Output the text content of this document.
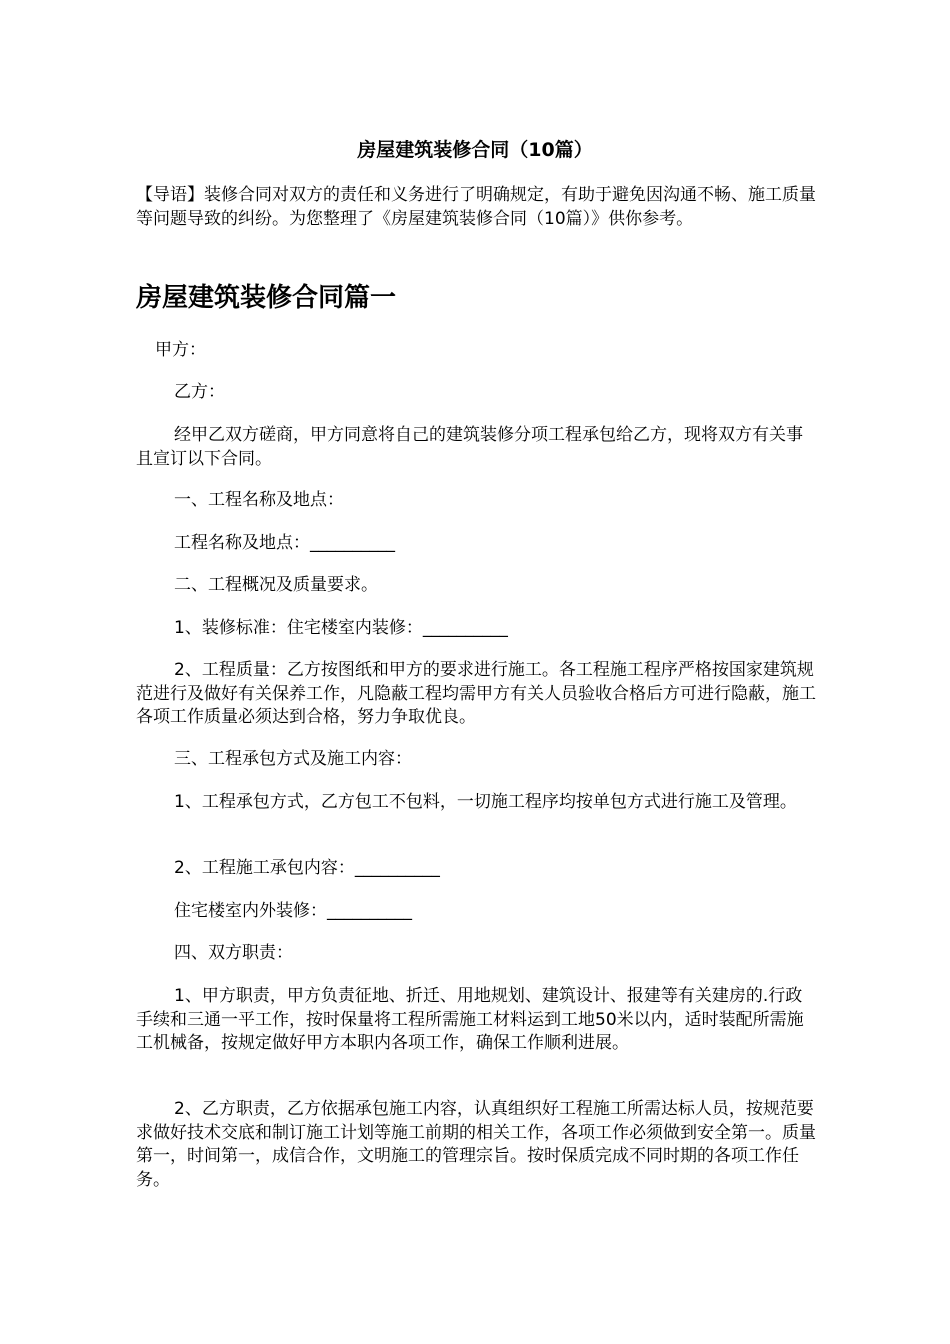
房屋建筑装修合同（10篇）
【导语】装修合同对双方的责任和义务进行了明确规定，有助于避免因沟通不畅、施工质量等问题导致的纠纷。为您整理了《房屋建筑装修合同（10篇）》供你参考。
房屋建筑装修合同篇一
甲方：
乙方：
经甲乙双方磋商，甲方同意将自己的建筑装修分项工程承包给乙方，现将双方有关事且宣订以下合同。
一、工程名称及地点：
工程名称及地点：__________
二、工程概况及质量要求。
1、装修标准：住宅楼室内装修：__________
2、工程质量：乙方按图纸和甲方的要求进行施工。各工程施工程序严格按国家建筑规范进行及做好有关保养工作，凡隐蔽工程均需甲方有关人员验收合格后方可进行隐蔽，施工各项工作质量必须达到合格，努力争取优良。
三、工程承包方式及施工内容：
1、工程承包方式，乙方包工不包料，一切施工程序均按单包方式进行施工及管理。
2、工程施工承包内容：__________
住宅楼室内外装修：__________
四、双方职责：
1、甲方职责，甲方负责征地、折迁、用地规划、建筑设计、报建等有关建房的.行政手续和三通一平工作，按时保量将工程所需施工材料运到工地50米以内，适时装配所需施工机械备，按规定做好甲方本职内各项工作，确保工作顺利进展。
2、乙方职责，乙方依据承包施工内容，认真组织好工程施工所需达标人员，按规范要求做好技术交底和制订施工计划等施工前期的相关工作，各项工作必须做到安全第一。质量第一，时间第一，成信合作，文明施工的管理宗旨。按时保质完成不同时期的各项工作任务。
